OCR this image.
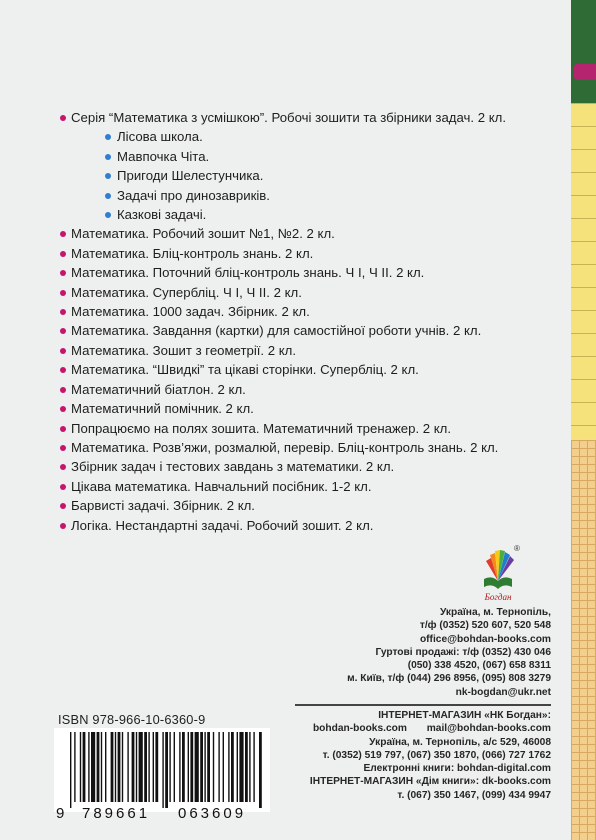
Серія “Математика з усмішкою”. Робочі зошити та збірники задач. 2 кл.
Лісова школа.
Мавпочка Чіта.
Пригоди Шелестунчика.
Задачі про динозавриків.
Казкові задачі.
Математика. Робочий зошит №1, №2. 2 кл.
Математика. Бліц-контроль знань. 2 кл.
Математика. Поточний бліц-контроль знань. Ч І, Ч ІІ. 2 кл.
Математика. Супербліц. Ч І, Ч ІІ. 2 кл.
Математика. 1000 задач. Збірник. 2 кл.
Математика. Завдання (картки) для самостійної роботи учнів. 2 кл.
Математика. Зошит з геометрії. 2 кл.
Математика. “Швидкі” та цікаві сторінки. Суперб​ліц. 2 кл.
Математичний біатлон. 2 кл.
Математичний помічник. 2 кл.
Попрацюємо на полях зошита. Математичний тренажер. 2 кл.
Математика. Розв’яжи, розмалюй, перевір. Бліц-контроль знань. 2 кл.
Збірник задач і тестових завдань з математики. 2 кл.
Цікава математика. Навчальний посібник. 1-2 кл.
Барвисті задачі. Збірник. 2 кл.
Логіка. Нестандартні задачі. Робочий зошит. 2 кл.
Богдан
®
Україна, м. Тернопіль,
т/ф (0352) 520 607, 520 548
office@bohdan-books.com
Гуртові продажі: т/ф (0352) 430 046
(050) 338 4520, (067) 658 8311
м. Київ, т/ф (044) 296 8956, (095) 808 3279
nk-bogdan@ukr.net
ІНТЕРНЕТ-МАГАЗИН «НК Богдан»:
bohdan-books.com       mail@bohdan-books.com
Україна, м. Тернопіль, а/с 529, 46008
т. (0352) 519 797, (067) 350 1870, (066) 727 1762
Електронні книги: bohdan-digital.com
ІНТЕРНЕТ-МАГАЗИН «Дім книги»: dk-books.com
т. (067) 350 1467, (099) 434 9947
ISBN 978-966-10-6360-9
9 789661 063609
